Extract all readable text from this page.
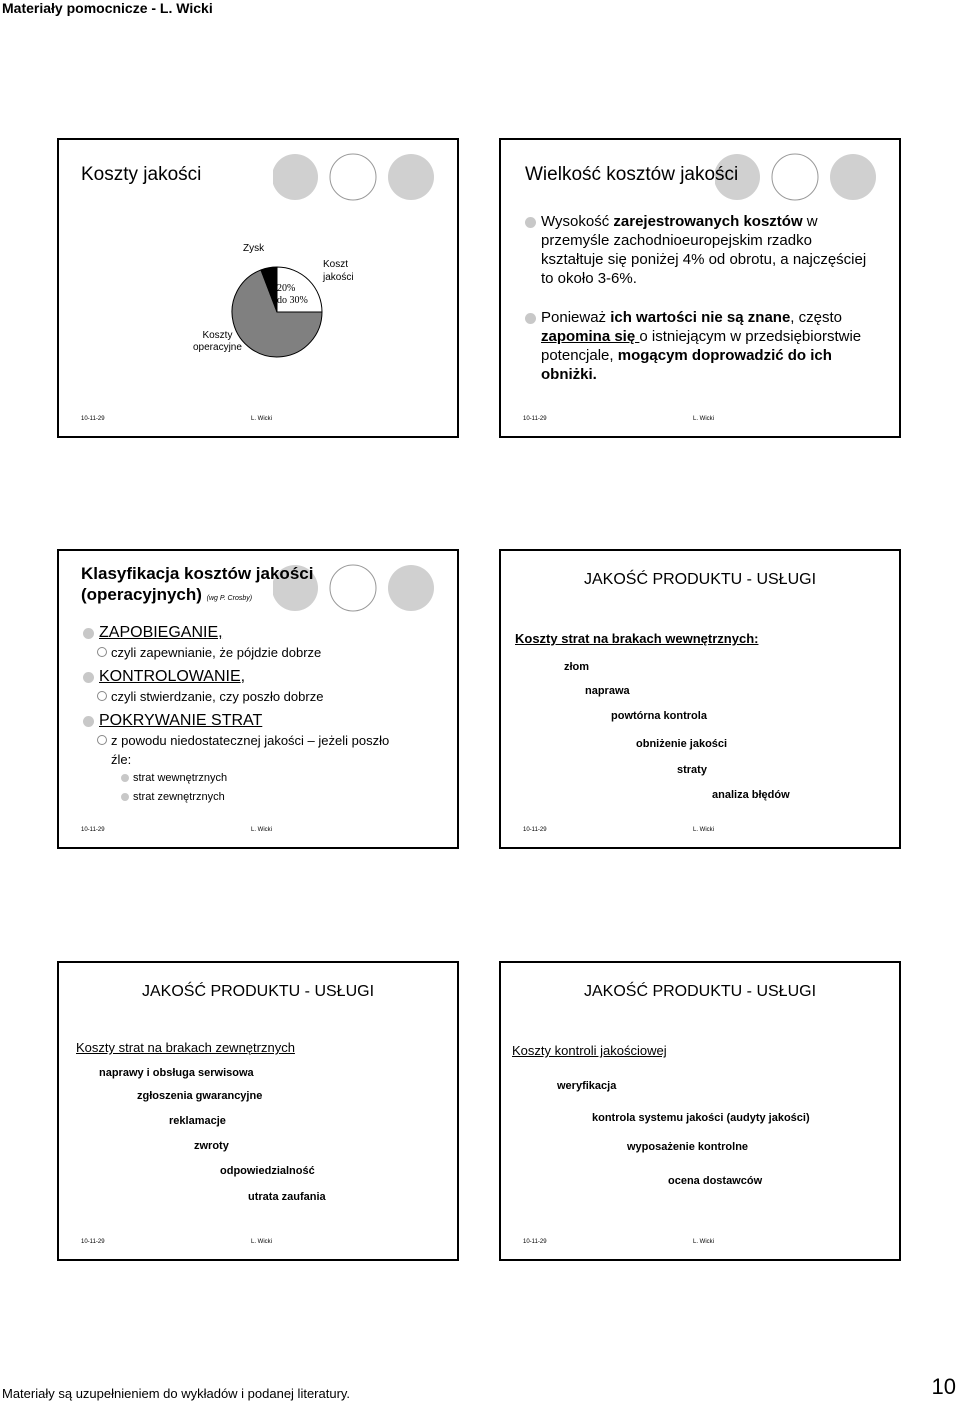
Materiały pomocnicze - L. Wicki
Koszty jakości
Zysk
20%
do 30%
Koszt
jakości
Koszty
operacyjne
10-11-29	L. Wicki
Wielkość kosztów jakości
Wysokość zarejestrowanych kosztów w przemyśle zachodnioeuropejskim rzadko kształtuje się poniżej 4% od obrotu, a najczęściej to około 3-6%.
Ponieważ ich wartości nie są znane, często zapomina się o istniejącym w przedsiębiorstwie potencjale, mogącym doprowadzić do ich obniżki.
10-11-29	L. Wicki
Klasyfikacja kosztów jakości
(operacyjnych) (wg P. Crosby)
ZAPOBIEGANIE,
czyli zapewnianie, że pójdzie dobrze
KONTROLOWANIE,
czyli stwierdzanie, czy poszło dobrze
POKRYWANIE STRAT
z powodu niedostatecznej jakości – jeżeli poszło źle:
strat wewnętrznych
strat zewnętrznych
10-11-29	L. Wicki
JAKOŚĆ PRODUKTU - USŁUGI
Koszty strat na brakach wewnętrznych:
złom
naprawa
powtórna kontrola
obniżenie jakości
straty
analiza błędów
10-11-29	L. Wicki
JAKOŚĆ PRODUKTU - USŁUGI
Koszty strat na brakach zewnętrznych
naprawy i obsługa serwisowa
zgłoszenia gwarancyjne
reklamacje
zwroty
odpowiedzialność
utrata zaufania
10-11-29	L. Wicki
JAKOŚĆ PRODUKTU - USŁUGI
Koszty kontroli jakościowej
weryfikacja
kontrola systemu jakości (audyty jakości)
wyposażenie kontrolne
ocena dostawców
10-11-29	L. Wicki
Materiały są uzupełnieniem do wykładów i podanej literatury.	10
